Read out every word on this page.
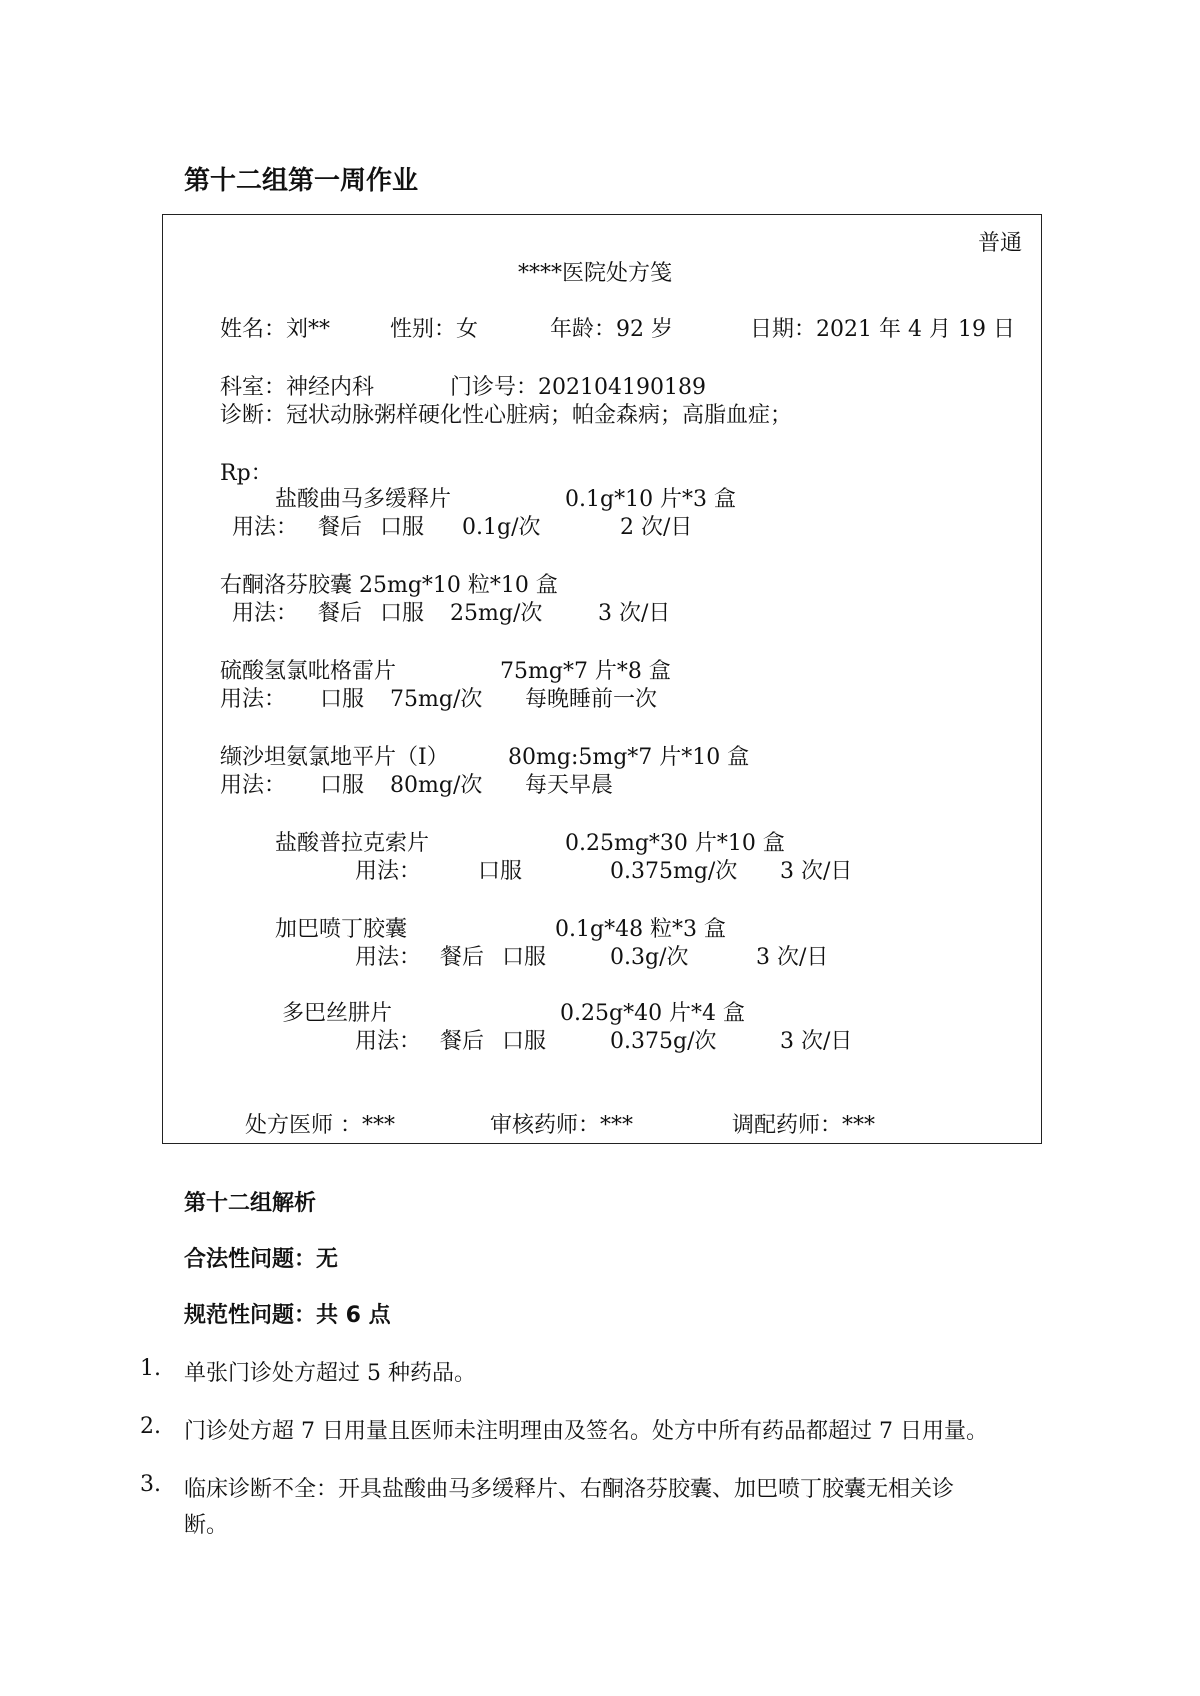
第十二组第一周作业
普通
****医院处方笺
姓名：刘**	性别：女	年龄：92 岁	日期：2021 年 4 月 19 日
科室：神经内科	门诊号：202104190189
诊断：冠状动脉粥样硬化性心脏病；帕金森病；高脂血症；
Rp：
盐酸曲马多缓释片	0.1g*10 片*3 盒
用法： 餐后 口服 0.1g/次	2 次/日
右酮洛芬胶囊 25mg*10 粒*10 盒
用法： 餐后 口服 25mg/次	3 次/日
硫酸氢氯吡格雷片	75mg*7 片*8 盒
用法： 口服 75mg/次 每晚睡前一次
缬沙坦氨氯地平片（I）	80mg:5mg*7 片*10 盒
用法： 口服 80mg/次 每天早晨
盐酸普拉克索片	0.25mg*30 片*10 盒
用法：	口服	0.375mg/次 3 次/日
加巴喷丁胶囊	0.1g*48 粒*3 盒
用法： 餐后 口服	0.3g/次	3 次/日
多巴丝肼片	0.25g*40 片*4 盒
用法： 餐后 口服	0.375g/次	3 次/日
处方医师 ：***	审核药师：***	调配药师：***
第十二组解析
合法性问题：无
规范性问题：共 6 点
1. 单张门诊处方超过 5 种药品。
2. 门诊处方超 7 日用量且医师未注明理由及签名。处方中所有药品都超过 7 日用量。
3. 临床诊断不全：开具盐酸曲马多缓释片、右酮洛芬胶囊、加巴喷丁胶囊无相关诊
断。
